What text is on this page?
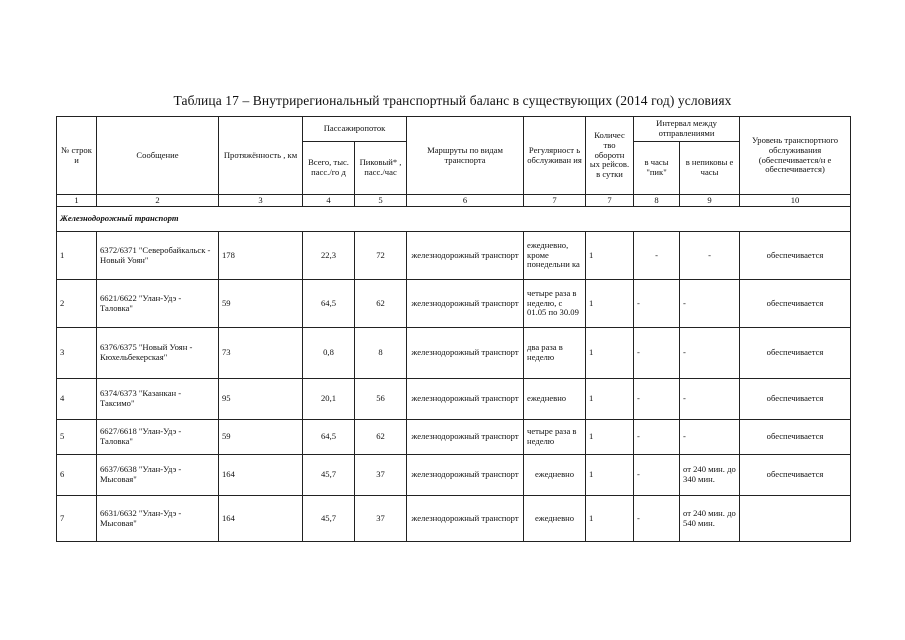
Таблица 17 – Внутрирегиональный транспортный баланс в существующих (2014 год) условиях
№ строк и	Сообщение	Протяжённость , км	Пассажиропоток		Маршруты по видам транспорта	Регулярност ь обслуживан ия	Количес тво оборотн ых рейсов. в сутки	Интервал между отправлениями		Уровень транспортного обслуживания (обеспечивается/н е обеспечивается)
			Всего, тыс. пасс./го д	Пиковый* , пасс./час				в часы "пик"	в непиковы е часы	
1	2	3	4	5	6	7	7	8	9	10
Железнодорожный транспорт										
1	6372/6371 "Северобайкальск - Новый Уоян"	178	22,3	72	железнодорожный транспорт	ежедневно, кроме понедельни ка	1	-	-	обеспечивается
2	6621/6622 "Улан-Удэ - Таловка"	59	64,5	62	железнодорожный транспорт	четыре раза в неделю, с 01.05 по 30.09	1	-	-	обеспечивается
3	6376/6375 "Новый Уоян - Кюхельбекерская"	73	0,8	8	железнодорожный транспорт	два раза в неделю	1	-	-	обеспечивается
4	6374/6373 "Казанкан - Таксимо"	95	20,1	56	железнодорожный транспорт	ежедневно	1	-	-	обеспечивается
5	6627/6618 "Улан-Удэ - Таловка"	59	64,5	62	железнодорожный транспорт	четыре раза в неделю	1	-	-	обеспечивается
6	6637/6638 "Улан-Удэ - Мысовая"	164	45,7	37	железнодорожный транспорт	ежедневно	1	-	от 240 мин. до 340 мин.	обеспечивается
7	6631/6632 "Улан-Удэ - Мысовая"	164	45,7	37	железнодорожный транспорт	ежедневно	1	-	от 240 мин. до 540 мин.	
